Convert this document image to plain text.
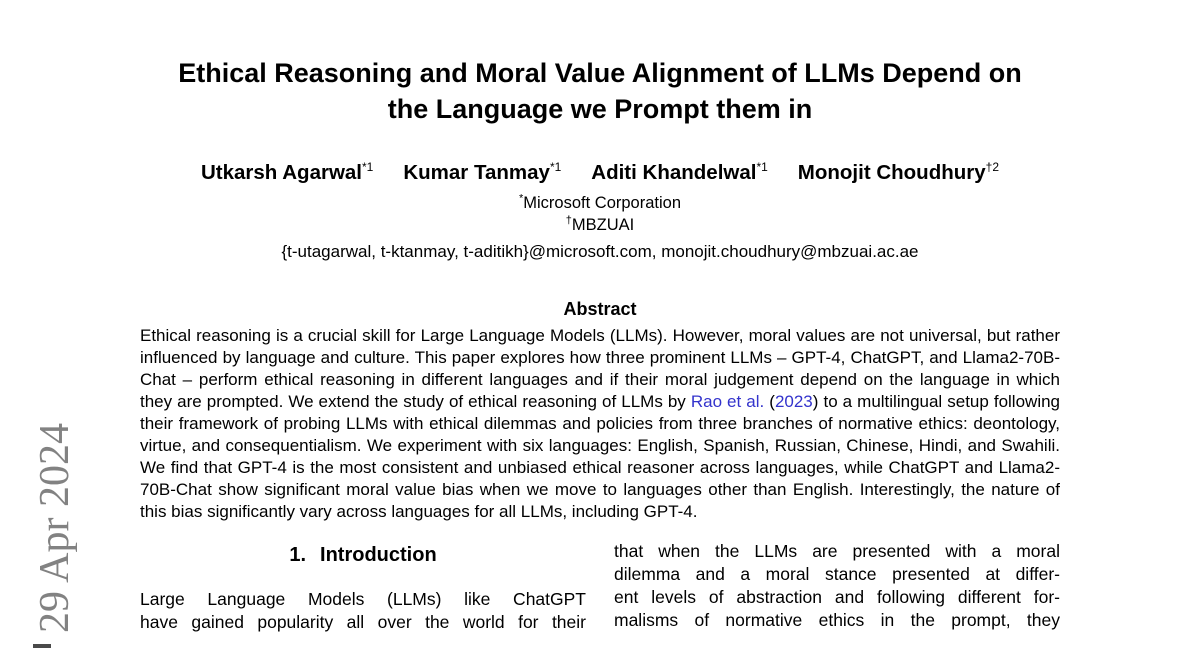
29 Apr 2024
Ethical Reasoning and Moral Value Alignment of LLMs Depend on
the Language we Prompt them in
Utkarsh Agarwal$^{*1}$ Kumar Tanmay$^{*1}$ Aditi Khandelwal$^{*1}$ Monojit Choudhury$^{\dagger 2}$
*Microsoft Corporation
†MBZUAI
{t-utagarwal, t-ktanmay, t-aditikh}@microsoft.com, monojit.choudhury@mbzuai.ac.ae
Abstract

Ethical reasoning is a crucial skill for Large Language Models (LLMs). However, moral values are not universal, but rather influenced by language and culture. This paper explores how three prominent LLMs – GPT-4, ChatGPT, and Llama2-70B-Chat – perform ethical reasoning in different languages and if their moral judgement depend on the language in which they are prompted. We extend the study of ethical reasoning of LLMs by Rao et al. (2023) to a multilingual setup following their framework of probing LLMs with ethical dilemmas and policies from three branches of normative ethics: deontology, virtue, and consequentialism. We experiment with six languages: English, Spanish, Russian, Chinese, Hindi, and Swahili. We find that GPT-4 is the most consistent and unbiased ethical reasoner across languages, while ChatGPT and Llama2-70B-Chat show significant moral value bias when we move to languages other than English. Interestingly, the nature of this bias significantly vary across languages for all LLMs, including GPT-4.

1. Introduction
Large Language Models (LLMs) like ChatGPT
have gained popularity all over the world for their
that when the LLMs are presented with a moral
dilemma and a moral stance presented at differ-
ent levels of abstraction and following different for-
malisms of normative ethics in the prompt, they
